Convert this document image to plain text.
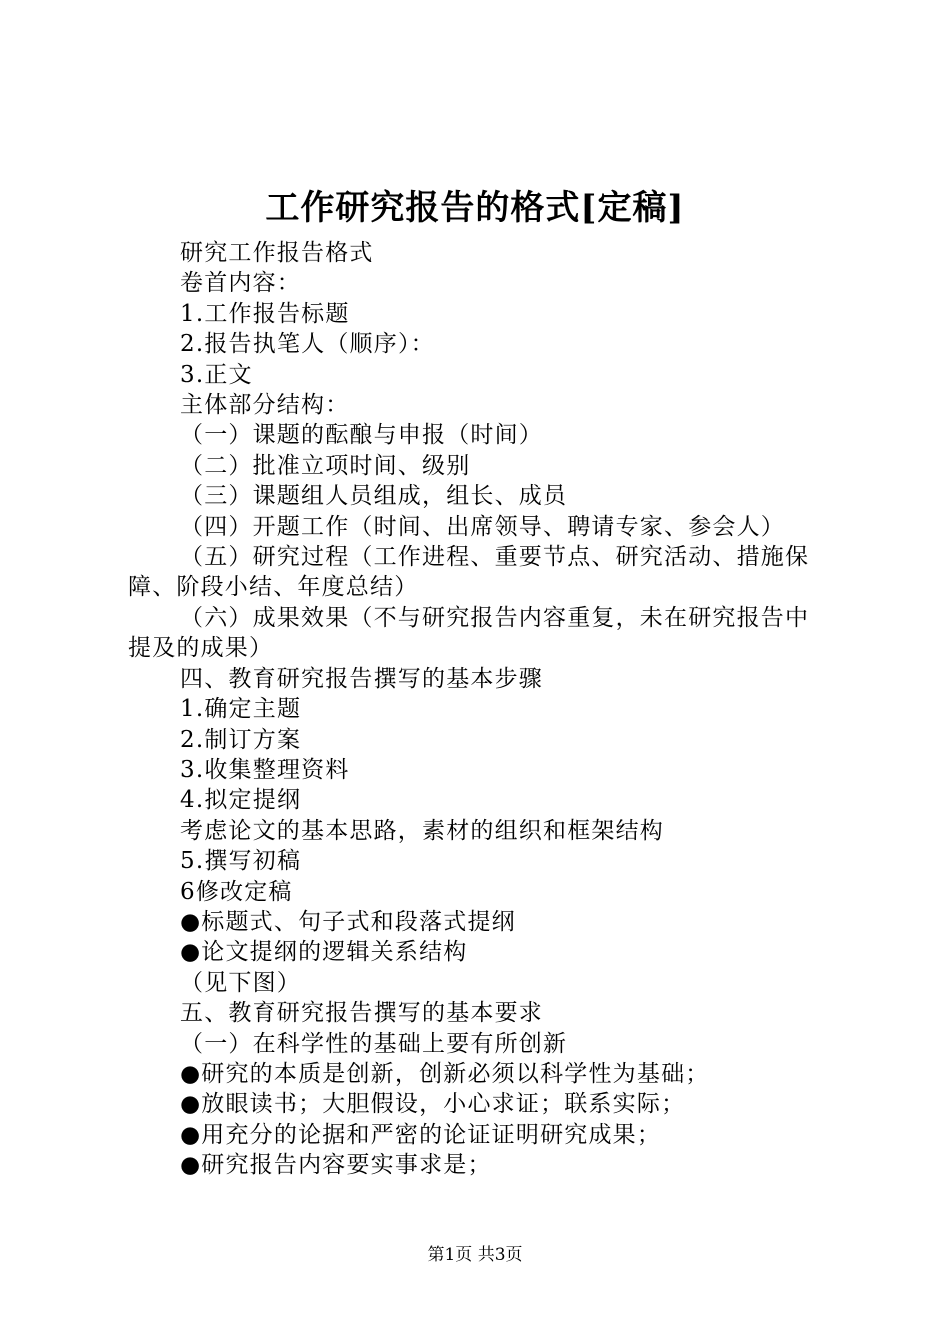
工作研究报告的格式[定稿]

研究工作报告格式

卷首内容：

1.工作报告标题

2.报告执笔人（顺序）：

3.正文

主体部分结构：

（一）课题的酝酿与申报（时间）

（二）批准立项时间、级别

（三）课题组人员组成，组长、成员

（四）开题工作（时间、出席领导、聘请专家、参会人）

（五）研究过程（工作进程、重要节点、研究活动、措施保障、阶段小结、年度总结）

（六）成果效果（不与研究报告内容重复，未在研究报告中提及的成果）

四、教育研究报告撰写的基本步骤

1.确定主题

2.制订方案

3.收集整理资料

4.拟定提纲

考虑论文的基本思路，素材的组织和框架结构

5.撰写初稿

6修改定稿

●标题式、句子式和段落式提纲

●论文提纲的逻辑关系结构

（见下图）

五、教育研究报告撰写的基本要求

（一）在科学性的基础上要有所创新

●研究的本质是创新，创新必须以科学性为基础；

●放眼读书；大胆假设，小心求证；联系实际；

●用充分的论据和严密的论证证明研究成果；

●研究报告内容要实事求是；

第1页 共3页
